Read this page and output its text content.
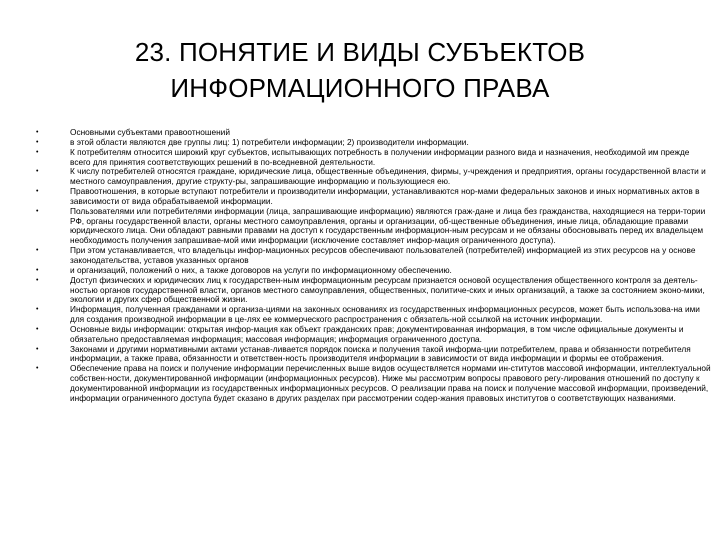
23. ПОНЯТИЕ И ВИДЫ СУБЪЕКТОВ
ИНФОРМАЦИОННОГО ПРАВА
•	Основными субъектами правоотношений
•	в этой области являются две группы лиц: 1) потребители информации; 2) производители информации.
•	К потребителям относится широкий круг субъектов, испытывающих потребность в получении информации разного вида и назначения, необходимой им прежде всего для принятия соответствующих решений в по-вседневной деятельности.
•	К числу потребителей относятся граждане, юридические лица, общественные объединения, фирмы, у-чреждения и предприятия, органы государственной власти и местного самоуправления, другие структу-ры, запрашивающие информацию и пользующиеся ею.
•	Правоотношения, в которые вступают потребители и производители информации, устанавливаются нор-мами федеральных законов и иных нормативных актов в зависимости от вида обрабатываемой информации.
•	Пользователями или потребителями информации (лица, запрашивающие информацию) являются граж-дане и лица без гражданства, находящиеся на терри-тории РФ, органы государственной власти, органы местного самоуправления, органы и организации, об-щественные объединения, иные лица, обладающие правами юридического лица. Они обладают равными правами на доступ к государственным информацион-ным ресурсам и не обязаны обосновывать перед их владельцем необходимость получения запрашивае-мой ими информации (исключение составляет инфор-мация ограниченного доступа).
•	При этом устанавливается, что владельцы инфор-мационных ресурсов обеспечивают пользователей (потребителей) информацией из этих ресурсов на у основе законодательства, уставов указанных органов
•	и организаций, положений о них, а также договоров на услуги по информационному обеспечению.
•	Доступ физических и юридических лиц к государствен-ным информационным ресурсам признается основой осуществления общественного контроля за деятель-ностью органов государственной власти, органов местного самоуправления, общественных, политиче-ских и иных организаций, а также за состоянием эконо-мики, экологии и других сфер общественной жизни.
•	Информация, полученная гражданами и организа-циями на законных основаниях из государственных информационных ресурсов, может быть использова-на ими для создания производной информации в це-лях ее коммерческого распространения с обязатель-ной ссылкой на источник информации.
•	Основные виды информации: открытая инфор-мация как объект гражданских прав; документированная информация, в том числе официальные документы и обязательно предоставляемая информация; массовая информация; информация ограниченного доступа.
•	Законами и другими нормативными актами устанав-ливается порядок поиска и получения такой информа-ции потребителем, права и обязанности потребителя информации, а также права, обязанности и ответствен-ность производителя информации в зависимости от вида информации и формы ее отображения.
•	Обеспечение права на поиск и получение информации перечисленных выше видов осуществляется нормами ин-ститутов массовой информации, интеллектуальной собствен-ности, документированной информации (информационных ресурсов). Ниже мы рассмотрим вопросы правового регу-лирования отношений по доступу к документированной информации из государственных информационных ресурсов. О реализации права на поиск и получение массовой информации, произведений, информации ограниченного доступа будет сказано в других разделах при рассмотрении содер-жания правовых институтов о соответствующих названиями.
